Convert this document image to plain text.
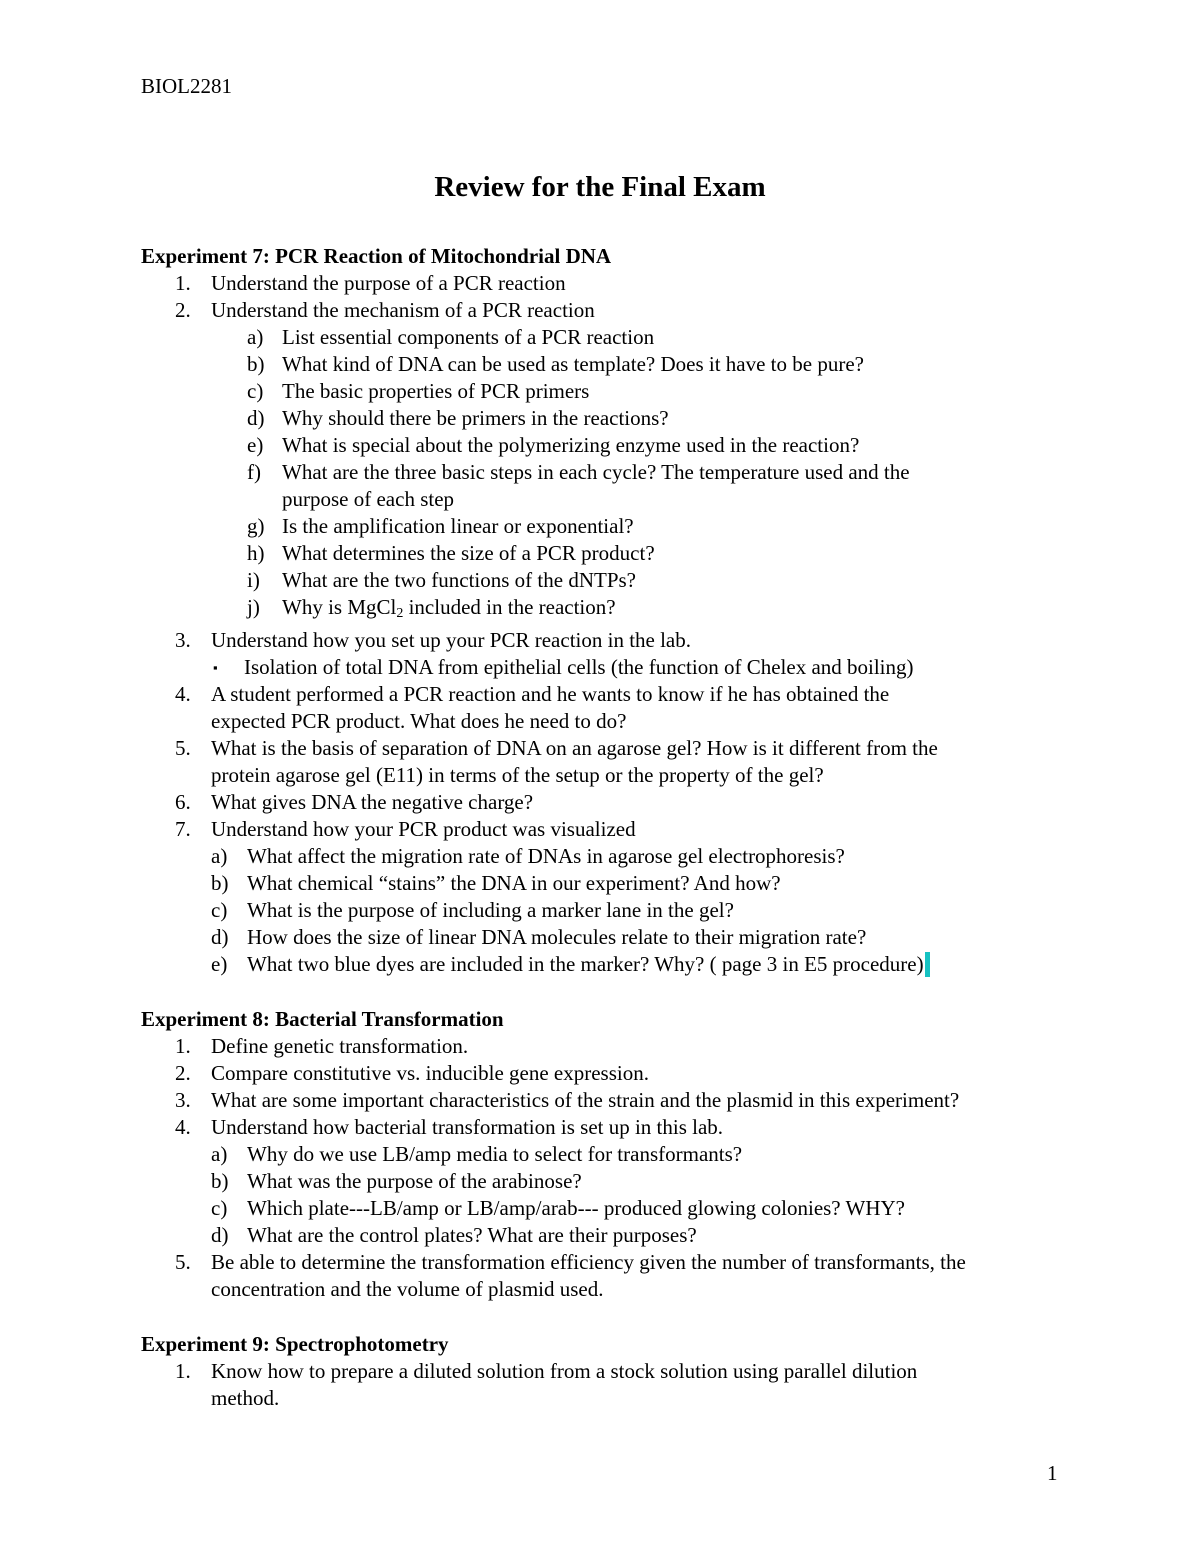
BIOL2281
Review for the Final Exam
Experiment 7: PCR Reaction of Mitochondrial DNA
1. Understand the purpose of a PCR reaction
2. Understand the mechanism of a PCR reaction
a) List essential components of a PCR reaction
b) What kind of DNA can be used as template? Does it have to be pure?
c) The basic properties of PCR primers
d) Why should there be primers in the reactions?
e) What is special about the polymerizing enzyme used in the reaction?
f) What are the three basic steps in each cycle? The temperature used and the
purpose of each step
g) Is the amplification linear or exponential?
h) What determines the size of a PCR product?
i) What are the two functions of the dNTPs?
j) Why is MgCl$_2$ included in the reaction?
3. Understand how you set up your PCR reaction in the lab.
▪ Isolation of total DNA from epithelial cells (the function of Chelex and boiling)
4. A student performed a PCR reaction and he wants to know if he has obtained the
expected PCR product. What does he need to do?
5. What is the basis of separation of DNA on an agarose gel? How is it different from the
protein agarose gel (E11) in terms of the setup or the property of the gel?
6. What gives DNA the negative charge?
7. Understand how your PCR product was visualized
a) What affect the migration rate of DNAs in agarose gel electrophoresis?
b) What chemical “stains” the DNA in our experiment? And how?
c) What is the purpose of including a marker lane in the gel?
d) How does the size of linear DNA molecules relate to their migration rate?
e) What two blue dyes are included in the marker? Why? ( page 3 in E5 procedure)
Experiment 8: Bacterial Transformation
1. Define genetic transformation.
2. Compare constitutive vs. inducible gene expression.
3. What are some important characteristics of the strain and the plasmid in this experiment?
4. Understand how bacterial transformation is set up in this lab.
a) Why do we use LB/amp media to select for transformants?
b) What was the purpose of the arabinose?
c) Which plate---LB/amp or LB/amp/arab--- produced glowing colonies? WHY?
d) What are the control plates? What are their purposes?
5. Be able to determine the transformation efficiency given the number of transformants, the
concentration and the volume of plasmid used.
Experiment 9: Spectrophotometry
1. Know how to prepare a diluted solution from a stock solution using parallel dilution
method.
1
